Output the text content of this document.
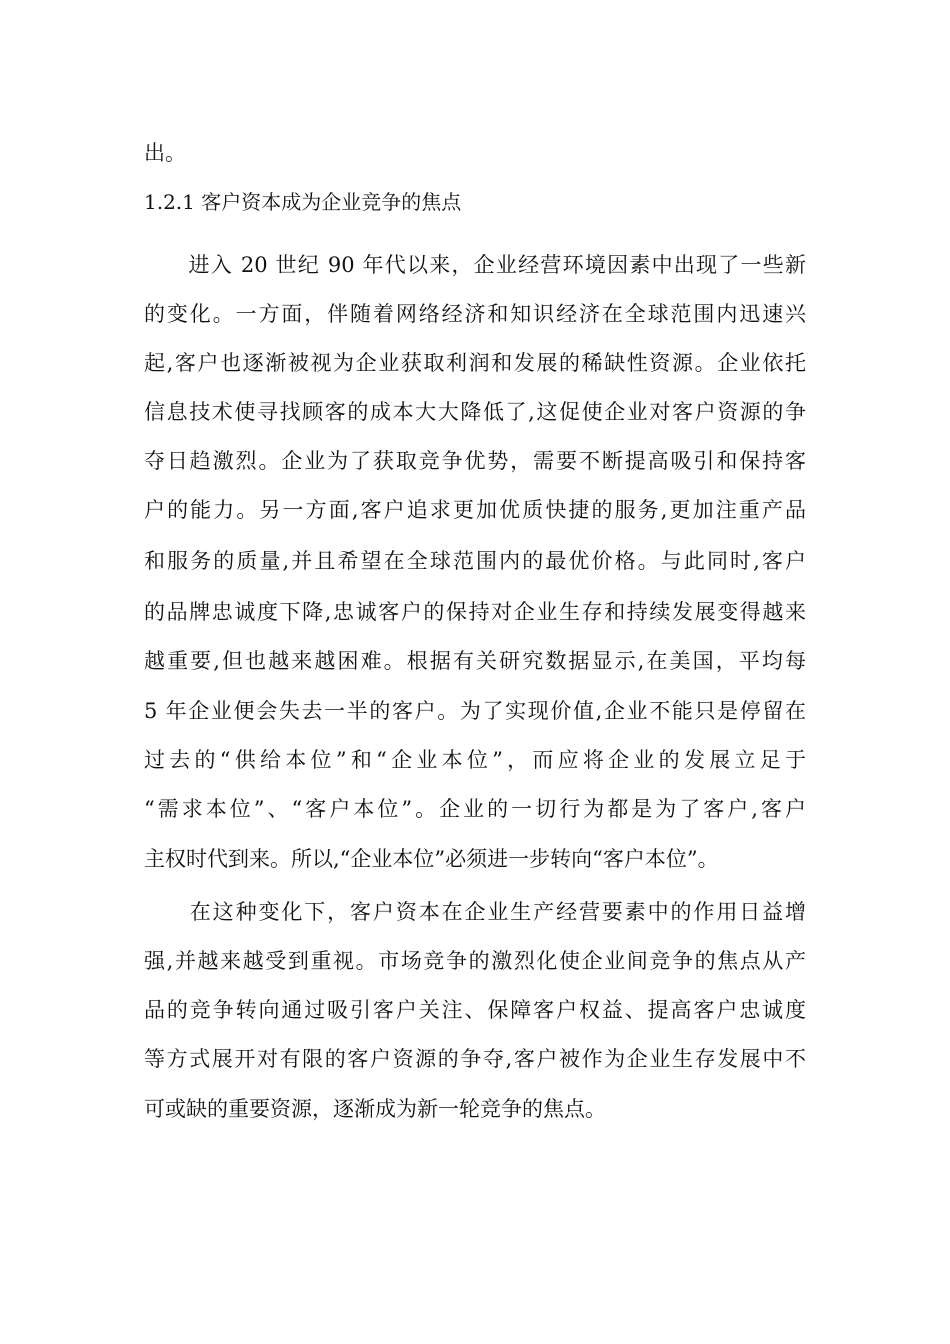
出。

1.2.1 客户资本成为企业竞争的焦点

　　进入 20 世纪 90 年代以来，企业经营环境因素中出现了一些新

的变化。一方面，伴随着网络经济和知识经济在全球范围内迅速兴

起,客户也逐渐被视为企业获取利润和发展的稀缺性资源。企业依托

信息技术使寻找顾客的成本大大降低了,这促使企业对客户资源的争

夺日趋激烈。企业为了获取竞争优势，需要不断提高吸引和保持客

户的能力。另一方面,客户追求更加优质快捷的服务,更加注重产品

和服务的质量,并且希望在全球范围内的最优价格。与此同时,客户

的品牌忠诚度下降,忠诚客户的保持对企业生存和持续发展变得越来

越重要,但也越来越困难。根据有关研究数据显示,在美国，平均每

5 年企业便会失去一半的客户。为了实现价值,企业不能只是停留在

过去的“供给本位”和“企业本位”，而应将企业的发展立足于

“需求本位”、“客户本位”。企业的一切行为都是为了客户,客户

主权时代到来。所以,“企业本位”必须进一步转向“客户本位”。

　　在这种变化下，客户资本在企业生产经营要素中的作用日益增

强,并越来越受到重视。市场竞争的激烈化使企业间竞争的焦点从产

品的竞争转向通过吸引客户关注、保障客户权益、提高客户忠诚度

等方式展开对有限的客户资源的争夺,客户被作为企业生存发展中不

可或缺的重要资源，逐渐成为新一轮竞争的焦点。
